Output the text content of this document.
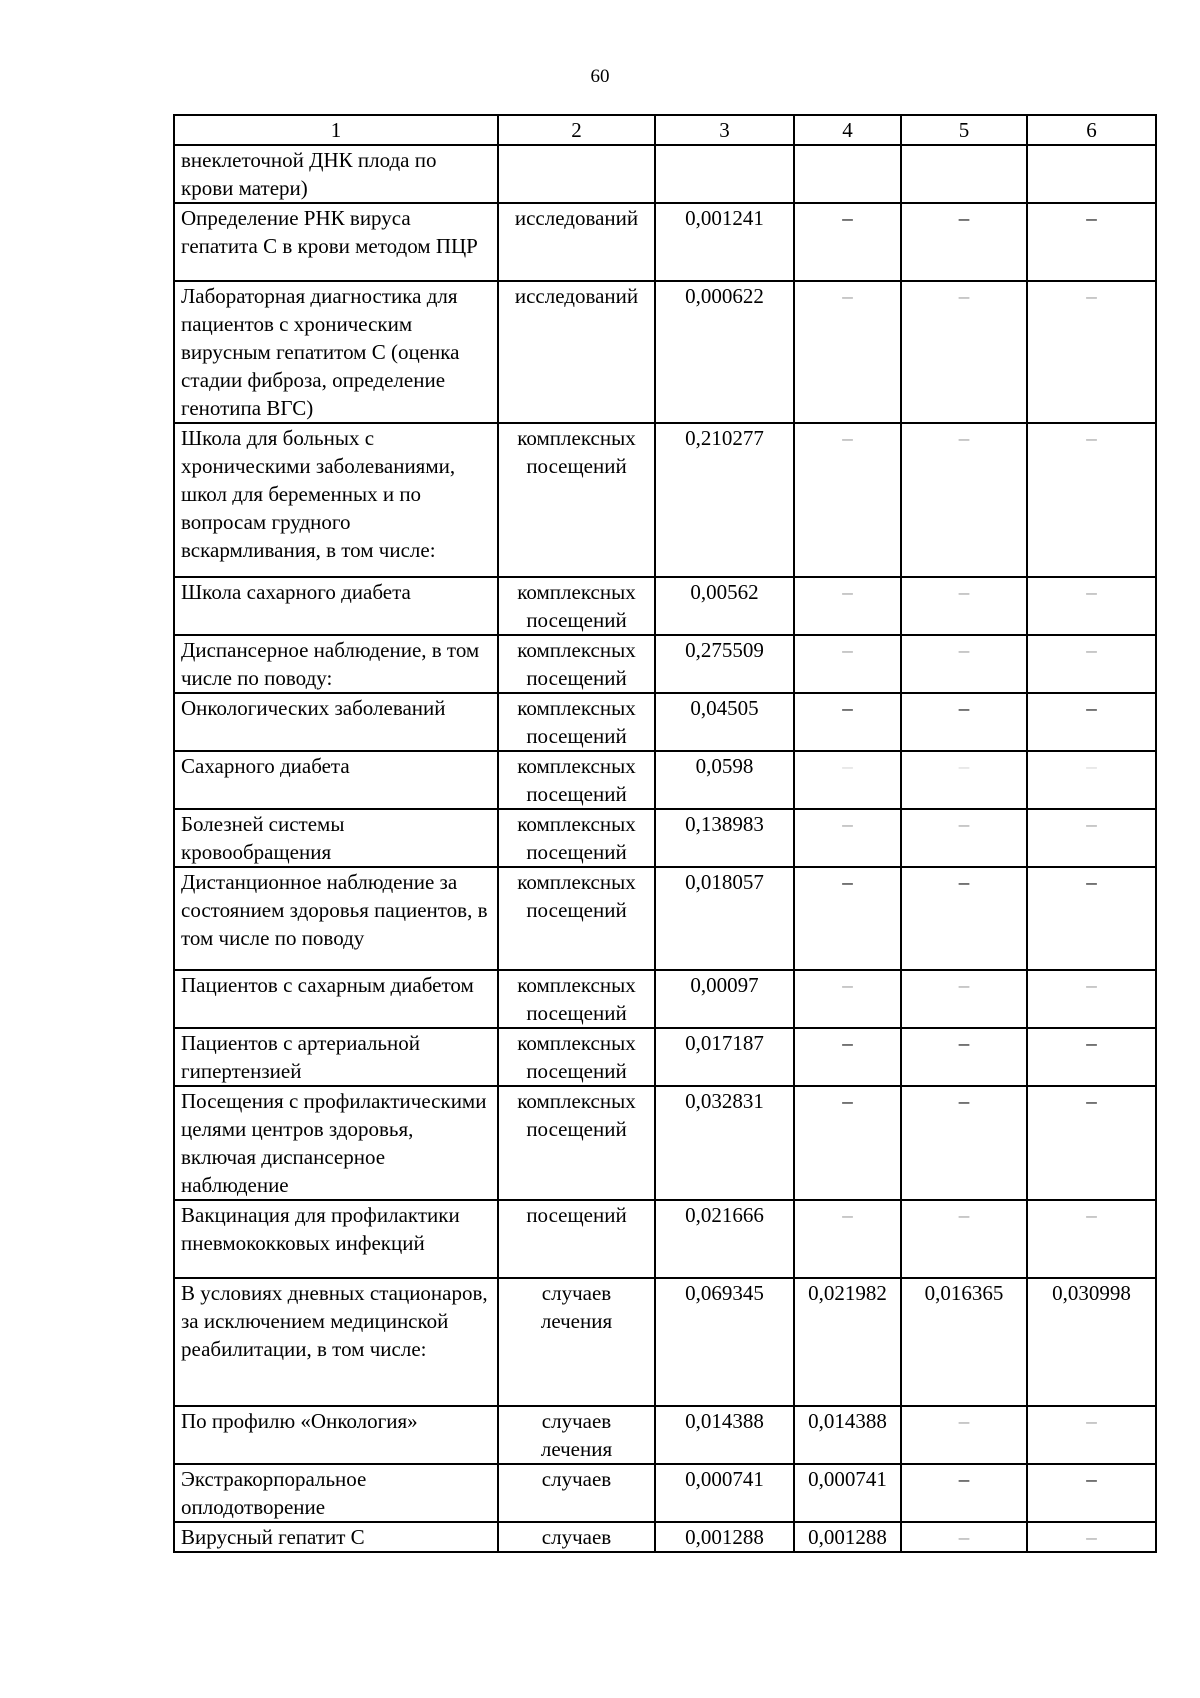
60
1	2	3	4	5	6
внеклеточной ДНК плода по крови матери)					
Определение РНК вируса гепатита С в крови методом ПЦР	исследований	0,001241	–	–	–
Лабораторная диагностика для пациентов с хроническим вирусным гепатитом С (оценка стадии фиброза, определение генотипа ВГС)	исследований	0,000622	–	–	–
Школа для больных с хроническими заболеваниями, школ для беременных и по вопросам грудного вскармливания, в том числе:	комплексных посещений	0,210277	–	–	–
Школа сахарного диабета	комплексных посещений	0,00562	–	–	–
Диспансерное наблюдение, в том числе по поводу:	комплексных посещений	0,275509	–	–	–
Онкологических заболеваний	комплексных посещений	0,04505	–	–	–
Сахарного диабета	комплексных посещений	0,0598	–	–	–
Болезней системы кровообращения	комплексных посещений	0,138983	–	–	–
Дистанционное наблюдение за состоянием здоровья пациентов, в том числе по поводу	комплексных посещений	0,018057	–	–	–
Пациентов с сахарным диабетом	комплексных посещений	0,00097	–	–	–
Пациентов с артериальной гипертензией	комплексных посещений	0,017187	–	–	–
Посещения с профилактическими целями центров здоровья, включая диспансерное наблюдение	комплексных посещений	0,032831	–	–	–
Вакцинация для профилактики пневмококковых инфекций	посещений	0,021666	–	–	–
В условиях дневных стационаров, за исключением медицинской реабилитации, в том числе:	случаев лечения	0,069345	0,021982	0,016365	0,030998
По профилю «Онкология»	случаев лечения	0,014388	0,014388	–	–
Экстракорпоральное оплодотворение	случаев	0,000741	0,000741	–	–
Вирусный гепатит С	случаев	0,001288	0,001288	–	–
